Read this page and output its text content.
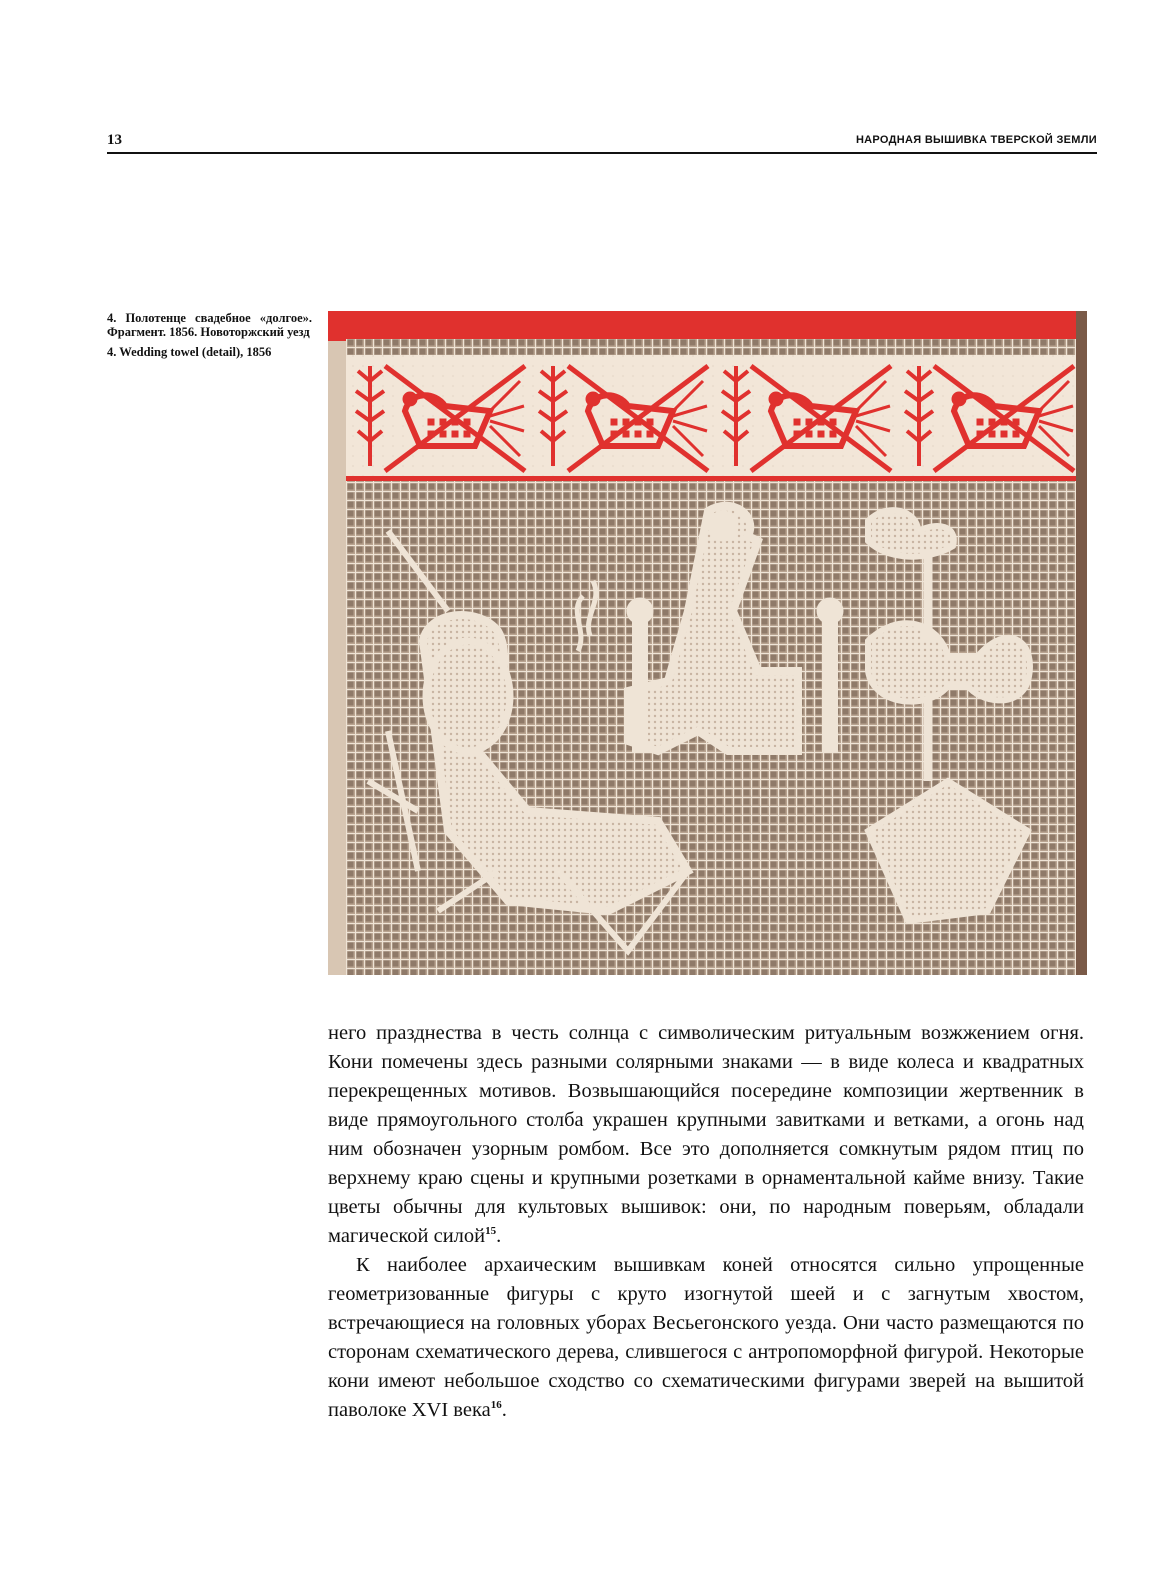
13	НАРОДНАЯ ВЫШИВКА ТВЕРСКОЙ ЗЕМЛИ

4. Полотенце свадебное «долгое». Фрагмент. 1856. Новоторжский уезд

4. Wedding towel (detail), 1856

него празднества в честь солнца с символическим ритуальным возжжением огня. Кони помечены здесь разными солярными знаками — в виде колеса и квадратных перекрещенных мотивов. Возвышающийся посередине композиции жертвенник в виде прямоугольного столба украшен крупными завитками и ветками, а огонь над ним обозначен узорным ромбом. Все это дополняется сомкнутым рядом птиц по верхнему краю сцены и крупными розетками в орнаментальной кайме внизу. Такие цветы обычны для культовых вышивок: они, по народным поверьям, обладали магической силой$^{15}$.

К наиболее архаическим вышивкам коней относятся сильно упрощенные геометризованные фигуры с круто изогнутой шеей и с загнутым хвостом, встречающиеся на головных уборах Весьегонского уезда. Они часто размещаются по сторонам схематического дерева, слившегося с антропоморфной фигурой. Некоторые кони имеют небольшое сходство со схематическими фигурами зверей на вышитой паволоке XVI века$^{16}$.
